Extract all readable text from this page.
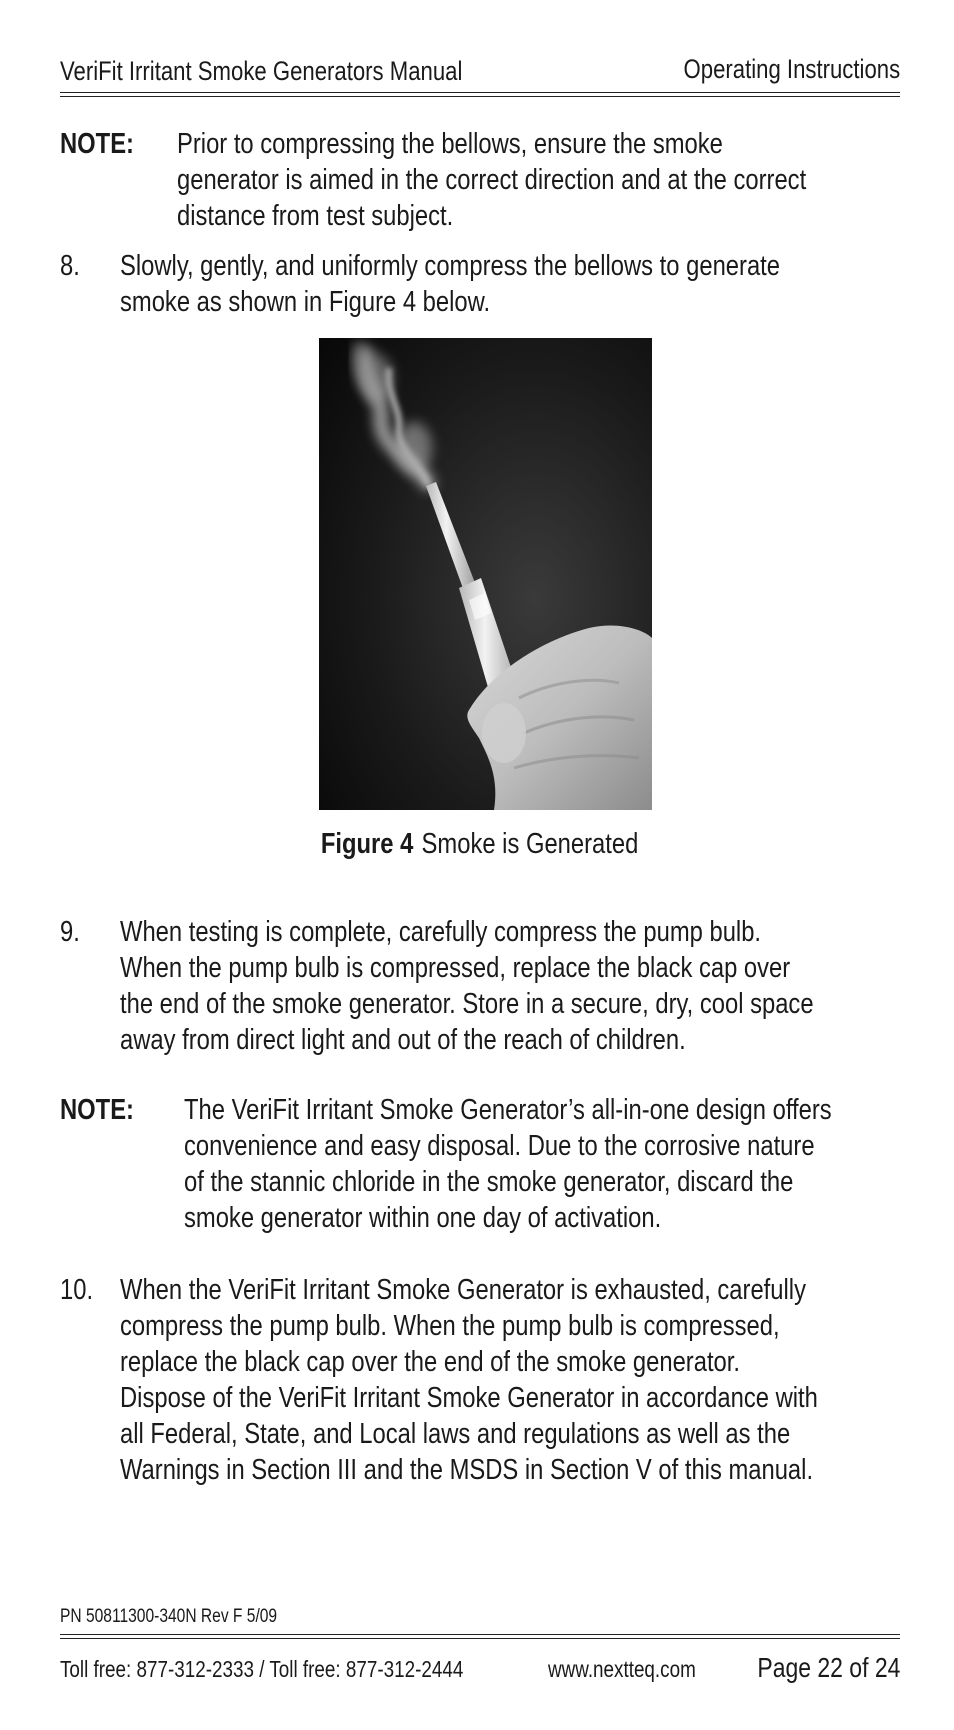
VeriFit Irritant Smoke Generators Manual	Operating Instructions
NOTE:	Prior to compressing the bellows, ensure the smoke
generator is aimed in the correct direction and at the correct
distance from test subject.
8. Slowly, gently, and uniformly compress the bellows to generate
smoke as shown in Figure 4 below.
Figure 4 Smoke is Generated
9. When testing is complete, carefully compress the pump bulb.
When the pump bulb is compressed, replace the black cap over
the end of the smoke generator. Store in a secure, dry, cool space
away from direct light and out of the reach of children.
NOTE:	The VeriFit Irritant Smoke Generator’s all-in-one design offers
convenience and easy disposal. Due to the corrosive nature
of the stannic chloride in the smoke generator, discard the
smoke generator within one day of activation.
10. When the VeriFit Irritant Smoke Generator is exhausted, carefully
compress the pump bulb. When the pump bulb is compressed,
replace the black cap over the end of the smoke generator.
Dispose of the VeriFit Irritant Smoke Generator in accordance with
all Federal, State, and Local laws and regulations as well as the
Warnings in Section III and the MSDS in Section V of this manual.
PN 50811300-340N Rev F 5/09
Toll free: 877-312-2333 / Toll free: 877-312-2444	www.nextteq.com	Page 22 of 24
